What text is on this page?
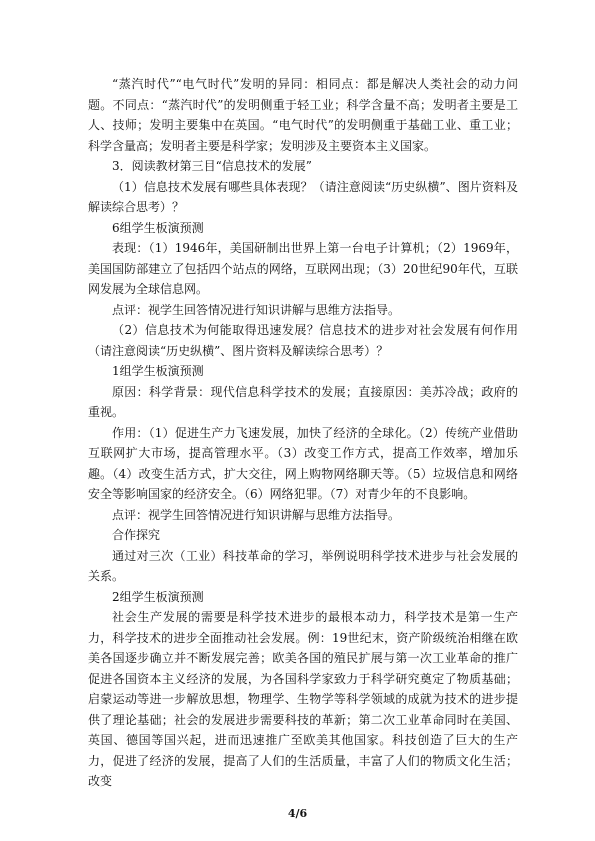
“蒸汽时代”“电气时代”发明的异同：相同点：都是解决人类社会的动力问题。不同点：“蒸汽时代”的发明侧重于轻工业；科学含量不高；发明者主要是工人、技师；发明主要集中在英国。“电气时代”的发明侧重于基础工业、重工业；科学含量高；发明者主要是科学家；发明涉及主要资本主义国家。

3．阅读教材第三目“信息技术的发展”

（1）信息技术发展有哪些具体表现？（请注意阅读“历史纵横”、图片资料及解读综合思考）？

6组学生板演预测

表现：（1）1946年，美国研制出世界上第一台电子计算机；（2）1969年，美国国防部建立了包括四个站点的网络，互联网出现；（3）20世纪90年代，互联网发展为全球信息网。

点评：视学生回答情况进行知识讲解与思维方法指导。

（2）信息技术为何能取得迅速发展？信息技术的进步对社会发展有何作用（请注意阅读“历史纵横”、图片资料及解读综合思考）？

1组学生板演预测

原因：科学背景：现代信息科学技术的发展；直接原因：美苏冷战；政府的重视。

作用：（1）促进生产力飞速发展，加快了经济的全球化。（2）传统产业借助互联网扩大市场，提高管理水平。（3）改变工作方式，提高工作效率，增加乐趣。（4）改变生活方式，扩大交往，网上购物网络聊天等。（5）垃圾信息和网络安全等影响国家的经济安全。（6）网络犯罪。（7）对青少年的不良影响。

点评：视学生回答情况进行知识讲解与思维方法指导。

合作探究

通过对三次（工业）科技革命的学习，举例说明科学技术进步与社会发展的关系。

2组学生板演预测

社会生产发展的需要是科学技术进步的最根本动力，科学技术是第一生产力，科学技术的进步全面推动社会发展。例：19世纪末，资产阶级统治相继在欧美各国逐步确立并不断发展完善；欧美各国的殖民扩展与第一次工业革命的推广促进各国资本主义经济的发展，为各国科学家致力于科学研究奠定了物质基础；启蒙运动等进一步解放思想，物理学、生物学等科学领域的成就为技术的进步提供了理论基础；社会的发展进步需要科技的革新；第二次工业革命同时在美国、英国、德国等国兴起，进而迅速推广至欧美其他国家。科技创造了巨大的生产力，促进了经济的发展，提高了人们的生活质量，丰富了人们的物质文化生活；改变

4/6
